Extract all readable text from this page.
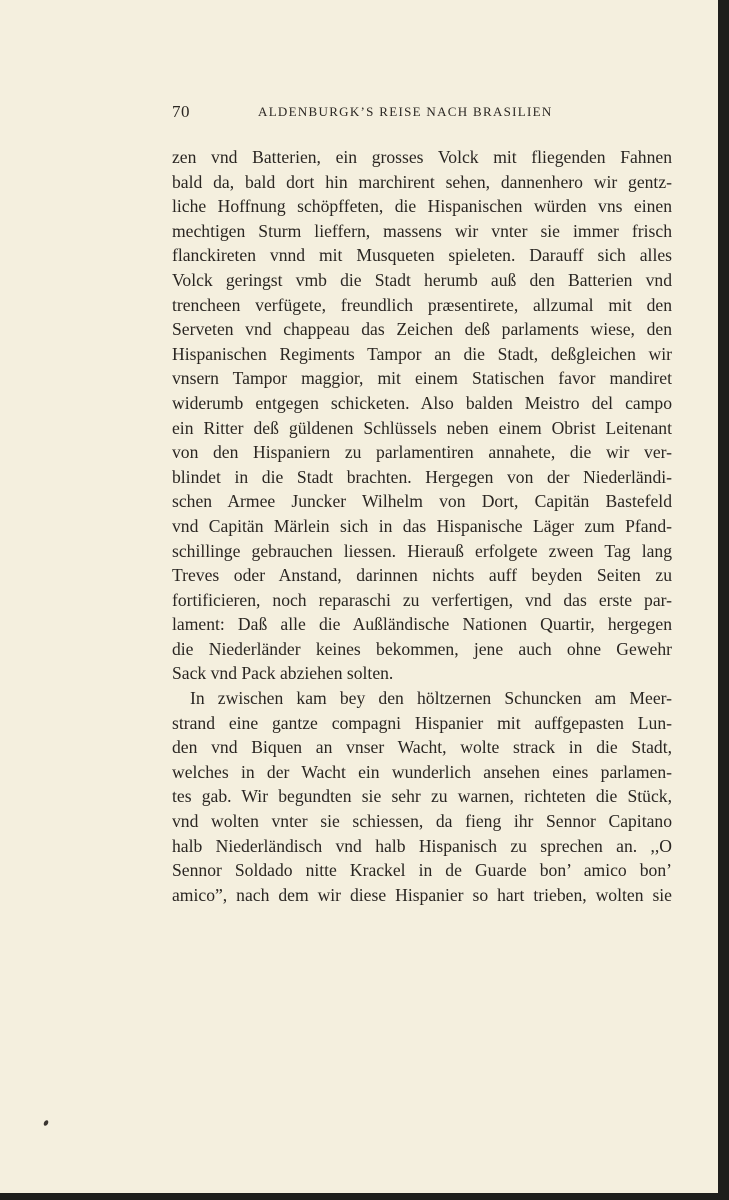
70	ALDENBURGK’S REISE NACH BRASILIEN
zen vnd Batterien, ein grosses Volck mit fliegenden Fahnen
bald da, bald dort hin marchirent sehen, dannenhero wir gentz-
liche Hoffnung schöpffeten, die Hispanischen würden vns einen
mechtigen Sturm lieffern, massens wir vnter sie immer frisch
flanckireten vnnd mit Musqueten spieleten. Darauff sich alles
Volck geringst vmb die Stadt herumb auß den Batterien vnd
trencheen verfügete, freundlich præsentirete, allzumal mit den
Serveten vnd chappeau das Zeichen deß parlaments wiese, den
Hispanischen Regiments Tampor an die Stadt, deßgleichen wir
vnsern Tampor maggior, mit einem Statischen favor mandiret
widerumb entgegen schicketen. Also balden Meistro del campo
ein Ritter deß güldenen Schlüssels neben einem Obrist Leitenant
von den Hispaniern zu parlamentiren annahete, die wir ver-
blindet in die Stadt brachten. Hergegen von der Niederländi-
schen Armee Juncker Wilhelm von Dort, Capitän Bastefeld
vnd Capitän Märlein sich in das Hispanische Läger zum Pfand-
schillinge gebrauchen liessen. Hierauß erfolgete zween Tag lang
Treves oder Anstand, darinnen nichts auff beyden Seiten zu
fortificieren, noch reparaschi zu verfertigen, vnd das erste par-
lament: Daß alle die Außländische Nationen Quartir, hergegen
die Niederländer keines bekommen, jene auch ohne Gewehr
Sack vnd Pack abziehen solten.
In zwischen kam bey den höltzernen Schuncken am Meer-
strand eine gantze compagni Hispanier mit auffgepasten Lun-
den vnd Biquen an vnser Wacht, wolte strack in die Stadt,
welches in der Wacht ein wunderlich ansehen eines parlamen-
tes gab. Wir begundten sie sehr zu warnen, richteten die Stück,
vnd wolten vnter sie schiessen, da fieng ihr Sennor Capitano
halb Niederländisch vnd halb Hispanisch zu sprechen an. ,,O
Sennor Soldado nitte Krackel in de Guarde bon’ amico bon’
amico”, nach dem wir diese Hispanier so hart trieben, wolten sie
